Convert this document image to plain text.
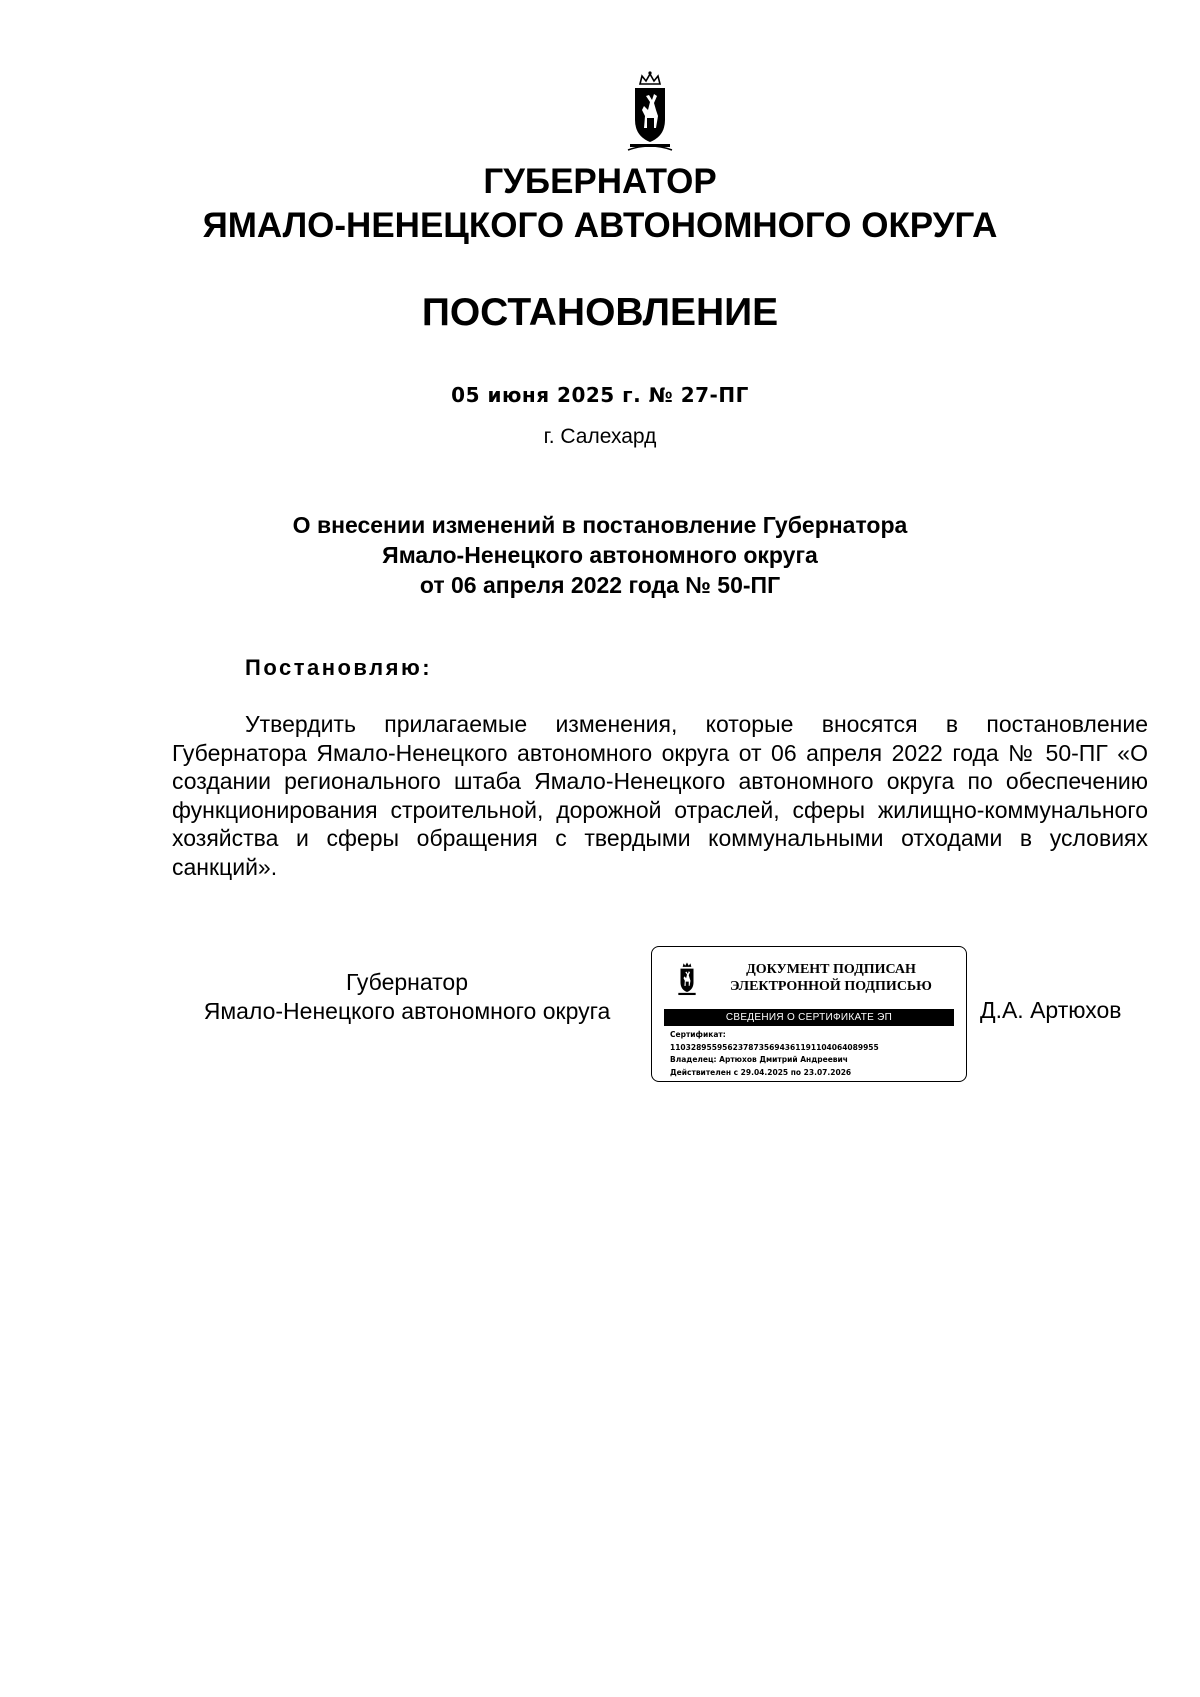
ГУБЕРНАТОР
ЯМАЛО-НЕНЕЦКОГО АВТОНОМНОГО ОКРУГА
ПОСТАНОВЛЕНИЕ
05 июня 2025 г. № 27-ПГ
г. Салехард
О внесении изменений в постановление Губернатора
Ямало-Ненецкого автономного округа
от 06 апреля 2022 года № 50-ПГ
Постановляю:
Утвердить прилагаемые изменения, которые вносятся в постановление Губернатора Ямало-Ненецкого автономного округа от 06 апреля 2022 года № 50-ПГ «О создании регионального штаба Ямало-Ненецкого автономного округа по обеспечению функционирования строительной, дорожной отраслей, сферы жилищно-коммунального хозяйства и сферы обращения с твердыми коммунальными отходами в условиях санкций».
Губернатор
Ямало-Ненецкого автономного округа
ДОКУМЕНТ ПОДПИСАН
ЭЛЕКТРОННОЙ ПОДПИСЬЮ
СВЕДЕНИЯ О СЕРТИФИКАТЕ ЭП
Сертификат:
1103289559562378735694361191104064089955
Владелец: Артюхов Дмитрий Андреевич
Действителен с 29.04.2025 по 23.07.2026
Д.А. Артюхов
